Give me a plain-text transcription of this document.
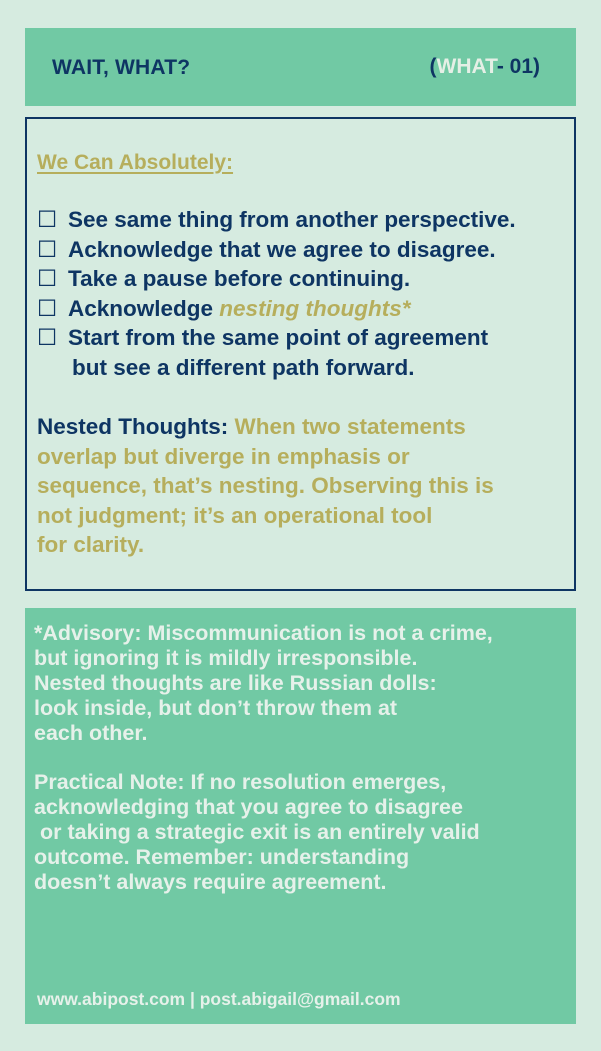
WAIT, WHAT?	(WHAT- 01)
We Can Absolutely:
☐ See same thing from another perspective.
☐ Acknowledge that we agree to disagree.
☐ Take a pause before continuing.
☐ Acknowledge nesting thoughts*
☐ Start from the same point of agreement
but see a different path forward.
Nested Thoughts: When two statements
overlap but diverge in emphasis or
sequence, that’s nesting. Observing this is
not judgment; it’s an operational tool
for clarity.
*Advisory: Miscommunication is not a crime,
but ignoring it is mildly irresponsible.
Nested thoughts are like Russian dolls:
look inside, but don’t throw them at
each other.
Practical Note: If no resolution emerges,
acknowledging that you agree to disagree
or taking a strategic exit is an entirely valid
outcome. Remember: understanding
doesn’t always require agreement.
www.abipost.com | post.abigail@gmail.com
